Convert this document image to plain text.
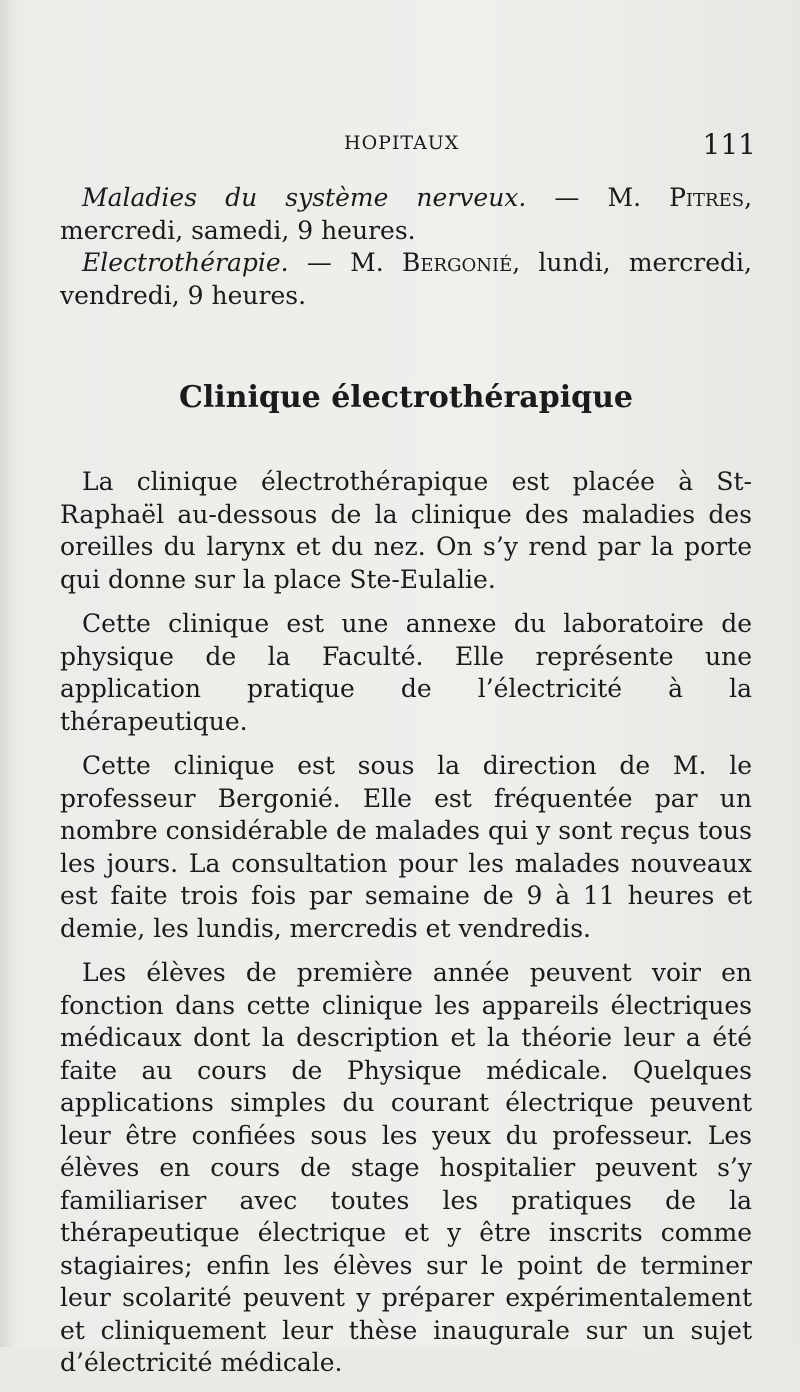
HOPITAUX	111

Maladies du système nerveux. — M. Pitres, mercredi, samedi, 9 heures.

Electrothérapie. — M. Bergonié, lundi, mercredi, vendredi, 9 heures.

Clinique électrothérapique

La clinique électrothérapique est placée à St-Raphaël au-dessous de la clinique des maladies des oreilles du larynx et du nez. On s’y rend par la porte qui donne sur la place Ste-Eulalie.

Cette clinique est une annexe du laboratoire de physique de la Faculté. Elle représente une application pratique de l’électricité à la thérapeutique.

Cette clinique est sous la direction de M. le professeur Bergonié. Elle est fréquentée par un nombre considérable de malades qui y sont reçus tous les jours. La consultation pour les malades nouveaux est faite trois fois par semaine de 9 à 11 heures et demie, les lundis, mercredis et vendredis.

Les élèves de première année peuvent voir en fonction dans cette clinique les appareils électriques médicaux dont la description et la théorie leur a été faite au cours de Physique médicale. Quelques applications simples du courant électrique peuvent leur être confiées sous les yeux du professeur. Les élèves en cours de stage hospitalier peuvent s’y familiariser avec toutes les pratiques de la thérapeutique électrique et y être inscrits comme stagiaires; enfin les élèves sur le point de terminer leur scolarité peuvent y préparer expérimentalement et cliniquement leur thèse inaugurale sur un sujet d’électricité médicale.
